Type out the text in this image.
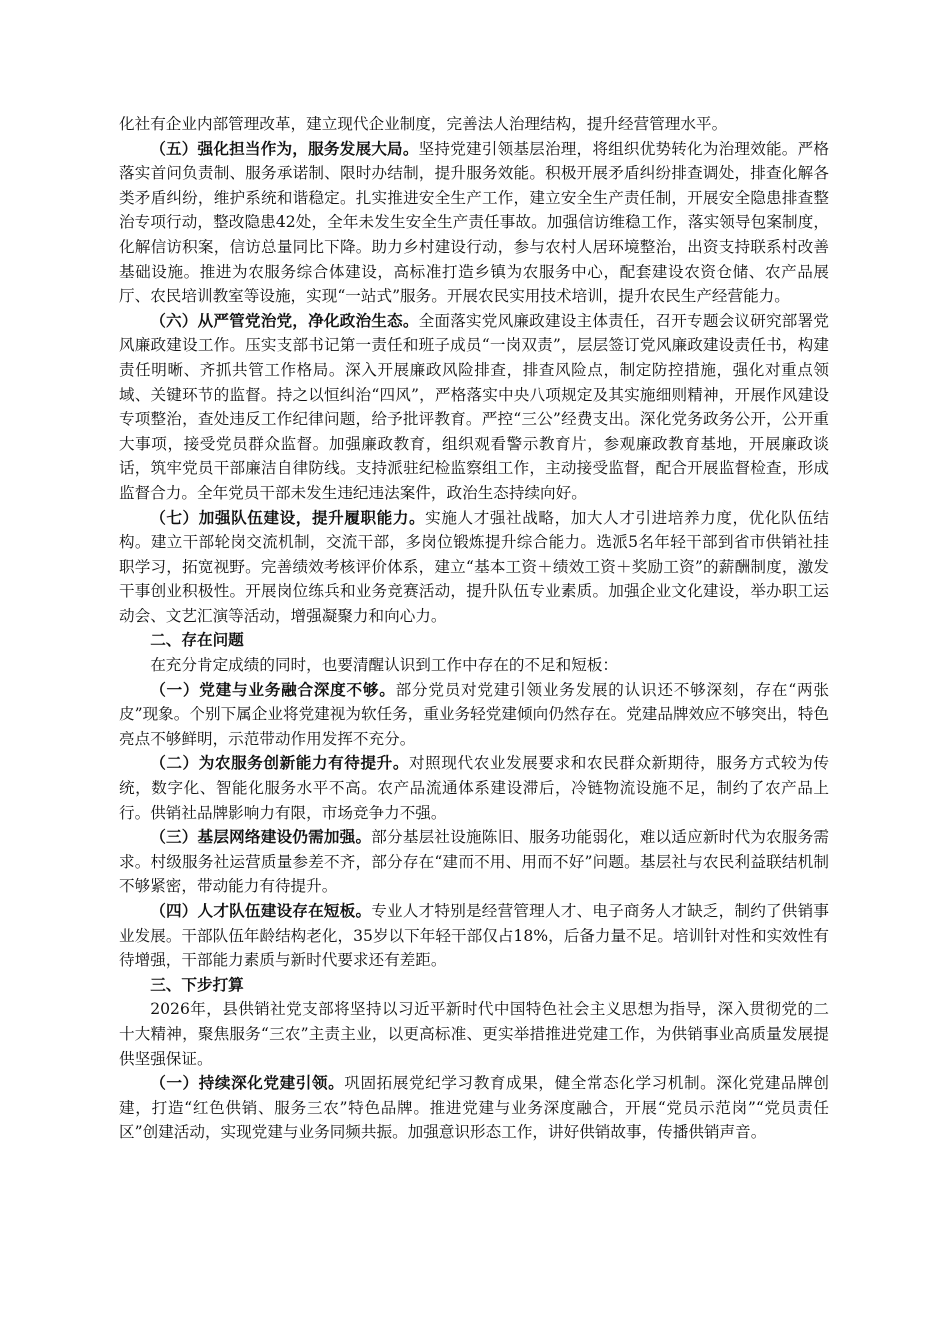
化社有企业内部管理改革，建立现代企业制度，完善法人治理结构，提升经营管理水平。

（五）强化担当作为，服务发展大局。坚持党建引领基层治理，将组织优势转化为治理效能。严格落实首问负责制、服务承诺制、限时办结制，提升服务效能。积极开展矛盾纠纷排查调处，排查化解各类矛盾纠纷，维护系统和谐稳定。扎实推进安全生产工作，建立安全生产责任制，开展安全隐患排查整治专项行动，整改隐患42处，全年未发生安全生产责任事故。加强信访维稳工作，落实领导包案制度，化解信访积案，信访总量同比下降。助力乡村建设行动，参与农村人居环境整治，出资支持联系村改善基础设施。推进为农服务综合体建设，高标准打造乡镇为农服务中心，配套建设农资仓储、农产品展厅、农民培训教室等设施，实现“一站式”服务。开展农民实用技术培训，提升农民生产经营能力。

（六）从严管党治党，净化政治生态。全面落实党风廉政建设主体责任，召开专题会议研究部署党风廉政建设工作。压实支部书记第一责任和班子成员“一岗双责”，层层签订党风廉政建设责任书，构建责任明晰、齐抓共管工作格局。深入开展廉政风险排查，排查风险点，制定防控措施，强化对重点领域、关键环节的监督。持之以恒纠治“四风”，严格落实中央八项规定及其实施细则精神，开展作风建设专项整治，查处违反工作纪律问题，给予批评教育。严控“三公”经费支出。深化党务政务公开，公开重大事项，接受党员群众监督。加强廉政教育，组织观看警示教育片，参观廉政教育基地，开展廉政谈话，筑牢党员干部廉洁自律防线。支持派驻纪检监察组工作，主动接受监督，配合开展监督检查，形成监督合力。全年党员干部未发生违纪违法案件，政治生态持续向好。

（七）加强队伍建设，提升履职能力。实施人才强社战略，加大人才引进培养力度，优化队伍结构。建立干部轮岗交流机制，交流干部，多岗位锻炼提升综合能力。选派5名年轻干部到省市供销社挂职学习，拓宽视野。完善绩效考核评价体系，建立“基本工资＋绩效工资＋奖励工资”的薪酬制度，激发干事创业积极性。开展岗位练兵和业务竞赛活动，提升队伍专业素质。加强企业文化建设，举办职工运动会、文艺汇演等活动，增强凝聚力和向心力。

二、存在问题

在充分肯定成绩的同时，也要清醒认识到工作中存在的不足和短板：

（一）党建与业务融合深度不够。部分党员对党建引领业务发展的认识还不够深刻，存在“两张皮”现象。个别下属企业将党建视为软任务，重业务轻党建倾向仍然存在。党建品牌效应不够突出，特色亮点不够鲜明，示范带动作用发挥不充分。

（二）为农服务创新能力有待提升。对照现代农业发展要求和农民群众新期待，服务方式较为传统，数字化、智能化服务水平不高。农产品流通体系建设滞后，冷链物流设施不足，制约了农产品上行。供销社品牌影响力有限，市场竞争力不强。

（三）基层网络建设仍需加强。部分基层社设施陈旧、服务功能弱化，难以适应新时代为农服务需求。村级服务社运营质量参差不齐，部分存在“建而不用、用而不好”问题。基层社与农民利益联结机制不够紧密，带动能力有待提升。

（四）人才队伍建设存在短板。专业人才特别是经营管理人才、电子商务人才缺乏，制约了供销事业发展。干部队伍年龄结构老化，35岁以下年轻干部仅占18%，后备力量不足。培训针对性和实效性有待增强，干部能力素质与新时代要求还有差距。

三、下步打算

2026年，县供销社党支部将坚持以习近平新时代中国特色社会主义思想为指导，深入贯彻党的二十大精神，聚焦服务“三农”主责主业，以更高标准、更实举措推进党建工作，为供销事业高质量发展提供坚强保证。

（一）持续深化党建引领。巩固拓展党纪学习教育成果，健全常态化学习机制。深化党建品牌创建，打造“红色供销、服务三农”特色品牌。推进党建与业务深度融合，开展“党员示范岗”“党员责任区”创建活动，实现党建与业务同频共振。加强意识形态工作，讲好供销故事，传播供销声音。
